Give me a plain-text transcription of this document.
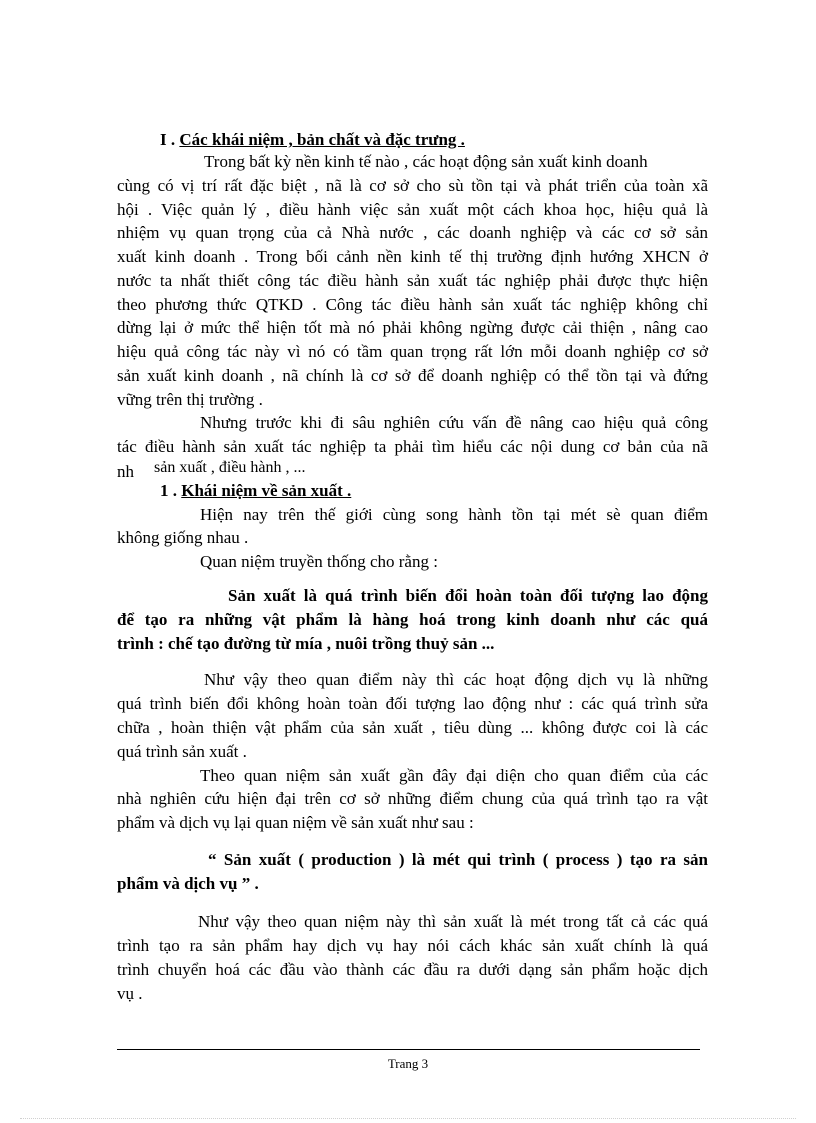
I . Các khái niệm , bản chất và đặc trưng .
Trong bất kỳ nền kinh tế nào , các hoạt động sản xuất kinh doanh
cùng có vị trí rất đặc biệt , nã là cơ sở cho sù tồn tại và phát triển của toàn xã
hội . Việc quản lý , điều hành việc sản xuất một cách khoa học, hiệu quả là
nhiệm vụ quan trọng của cả Nhà nước , các doanh nghiệp và các cơ sở sản
xuất kinh doanh . Trong bối cảnh nền kinh tế thị trường định hướng XHCN ở
nước ta nhất thiết công tác điều hành sản xuất tác nghiệp phải được thực hiện
theo phương thức QTKD . Công tác điều hành sản xuất tác nghiệp không chỉ
dừng lại ở mức thể hiện tốt mà nó phải không ngừng được cải thiện , nâng cao
hiệu quả công tác này vì nó có tầm quan trọng rất lớn mỗi doanh nghiệp cơ sở
sản xuất kinh doanh , nã chính là cơ sở để doanh nghiệp có thể tồn tại và đứng
vững trên thị trường .
Nhưng trước khi đi sâu nghiên cứu vấn đề nâng cao hiệu quả công
tác điều hành sản xuất tác nghiệp ta phải tìm hiểu các nội dung cơ bản của nã
nh sản xuất , điều hành , ...
1 . Khái niệm về sản xuất .
Hiện nay trên thế giới cùng song hành tồn tại mét sè quan điểm
không giống nhau .
Quan niệm truyền thống cho rằng :
Sản xuất là quá trình biến đổi hoàn toàn đối tượng lao động
để tạo ra những vật phẩm là hàng hoá trong kinh doanh như các quá
trình : chế tạo đường từ mía , nuôi trồng thuỷ sản ...
Như vậy theo quan điểm này thì các hoạt động dịch vụ là những
quá trình biến đổi không hoàn toàn đối tượng lao động như : các quá trình sửa
chữa , hoàn thiện vật phẩm của sản xuất , tiêu dùng ... không được coi là các
quá trình sản xuất .
Theo quan niệm sản xuất gần đây đại diện cho quan điểm của các
nhà nghiên cứu hiện đại trên cơ sở những điểm chung của quá trình tạo ra vật
phẩm và dịch vụ lại quan niệm về sản xuất như sau :
“ Sản xuất ( production ) là mét qui trình ( process ) tạo ra sản
phẩm và dịch vụ ” .
Như vậy theo quan niệm này thì sản xuất là mét trong tất cả các quá
trình tạo ra sản phẩm hay dịch vụ hay nói cách khác sản xuất chính là quá
trình chuyển hoá các đầu vào thành các đầu ra dưới dạng sản phẩm hoặc dịch
vụ .
Trang 3
